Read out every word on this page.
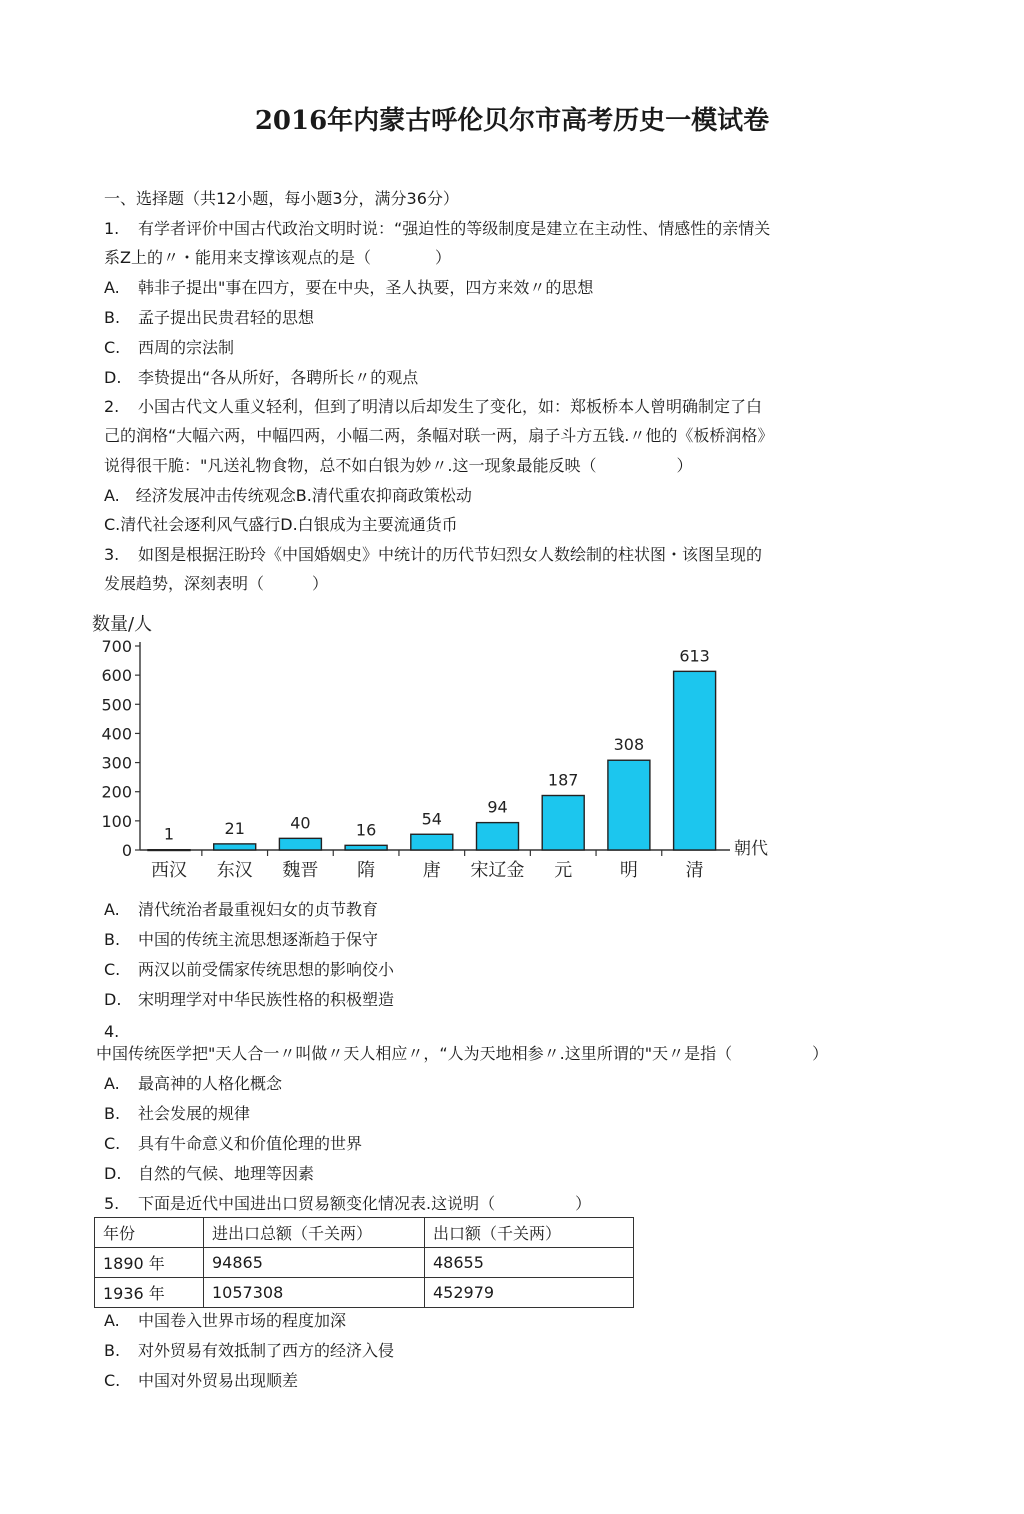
2016年内蒙古呼伦贝尔市高考历史一模试卷
一、选择题（共12小题，每小题3分，满分36分）
1. 有学者评价中国古代政治文明时说：“强迫性的等级制度是建立在主动性、情感性的亲情关
系Z上的〃・能用来支撑该观点的是（　　　　）
A. 韩非子提出"事在四方，要在中央，圣人执要，四方来效〃的思想
B. 孟子提出民贵君轻的思想
C. 西周的宗法制
D. 李贽提出“各从所好，各聘所长〃的观点
2. 小国古代文人重义轻利，但到了明清以后却发生了变化，如：郑板桥本人曾明确制定了白
己的润格“大幅六两，中幅四两，小幅二两，条幅对联一两，扇子斗方五钱.〃他的《板桥润格》
说得很干脆："凡送礼物食物，总不如白银为妙〃.这一现象最能反映（　　　　　）
A.　经济发展冲击传统观念B.清代重农抑商政策松动
C.清代社会逐利风气盛行D.白银成为主要流通货币
3. 如图是根据汪盼玲《中国婚姻史》中统计的历代节妇烈女人数绘制的柱状图・该图呈现的
发展趋势，深刻表明（　　　）
数量/人
0
100
200
300
400
500
600
700
1
西汉
21
东汉
40
魏晋
16
隋
54
唐
94
宋辽金
187
元
308
明
613
清
朝代
A. 清代统治者最重视妇女的贞节教育
B. 中国的传统主流思想逐渐趋于保守
C. 两汉以前受儒家传统思想的影响佼小
D. 宋明理学对中华民族性格的积极塑造
4.
中国传统医学把"天人合一〃叫做〃天人相应〃，“人为天地相参〃.这里所谓的"天〃是指（　　　　　）
A. 最高神的人格化概念
B. 社会发展的规律
C. 具有牛命意义和价值伦理的世界
D. 自然的气候、地理等因素
5. 下面是近代中国进出口贸易额变化情况表.这说明（　　　　　）
年份	进出口总额（千关两）	出口额（千关两）
1890 年	94865	48655
1936 年	1057308	452979
A. 中国卷入世界市场的程度加深
B. 对外贸易有效抵制了西方的经济入侵
C. 中国对外贸易出现顺差
